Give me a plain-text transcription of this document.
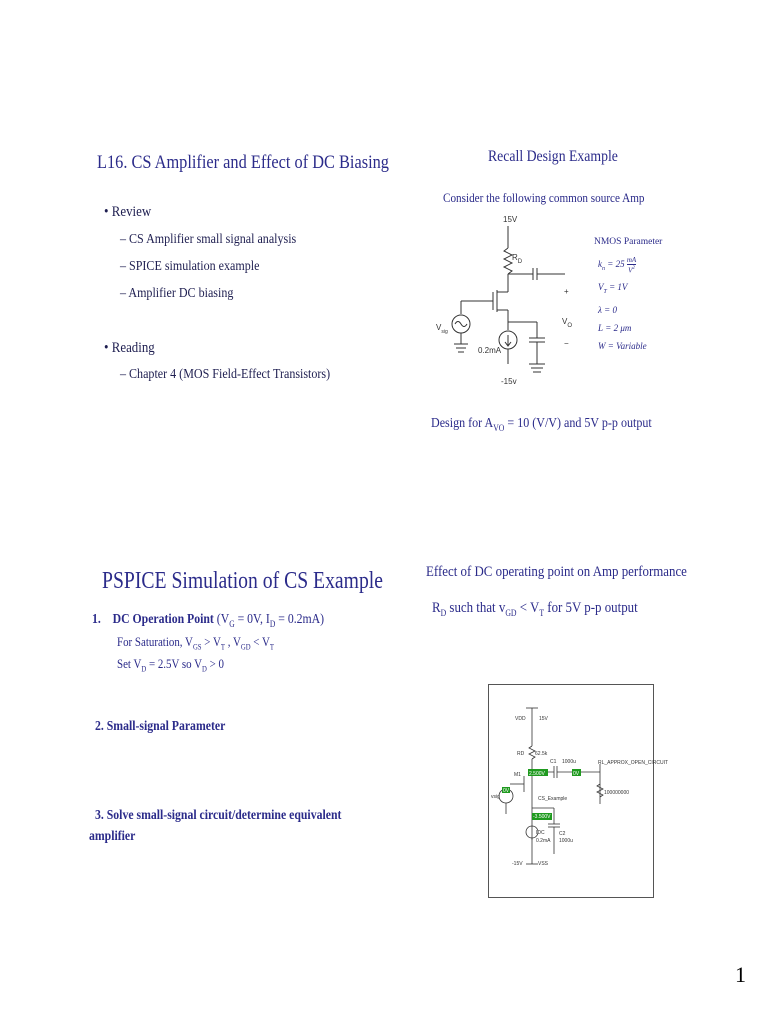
L16. CS Amplifier and Effect of DC Biasing
• Review
– CS Amplifier small signal analysis
– SPICE simulation example
– Amplifier DC biasing
• Reading
– Chapter 4 (MOS Field-Effect Transistors)
Recall Design Example
Consider the following common source Amp
15V
$R_D$
+
$V_O$
−
$V_{sig}$
0.2mA
-15v
NMOS Parameter
$k_n = 25$ mA
$V^2$
$V_T = 1V$
λ = 0
L = 2 μm
W = Variable
Design for $A_{VO} = 10$ (V/V) and 5V p-p output
PSPICE Simulation of CS Example
1. DC Operation Point ($V_G = 0V$, $I_D = 0.2mA$)
For Saturation, $V_{GS} > V_T$ , $V_{GD} < V_T$
Set $V_D = 2.5V$ so $V_D > 0$
2. Small-signal Parameter
3. Solve small-signal circuit/determine equivalent
amplifier
Effect of DC operating point on Amp performance
$R_D$ such that $v_{GD} < V_T$ for 5V p-p output
VDD	15V
RD 62.5k
C1 1000u
M1 2.500V	0V
RL_APPROX_OPEN_CIRCUIT
100000000
CS_Example
vsig
0V
-3.500V
IDC
0.2mA
C2
1000u
-15V	VSS
1
